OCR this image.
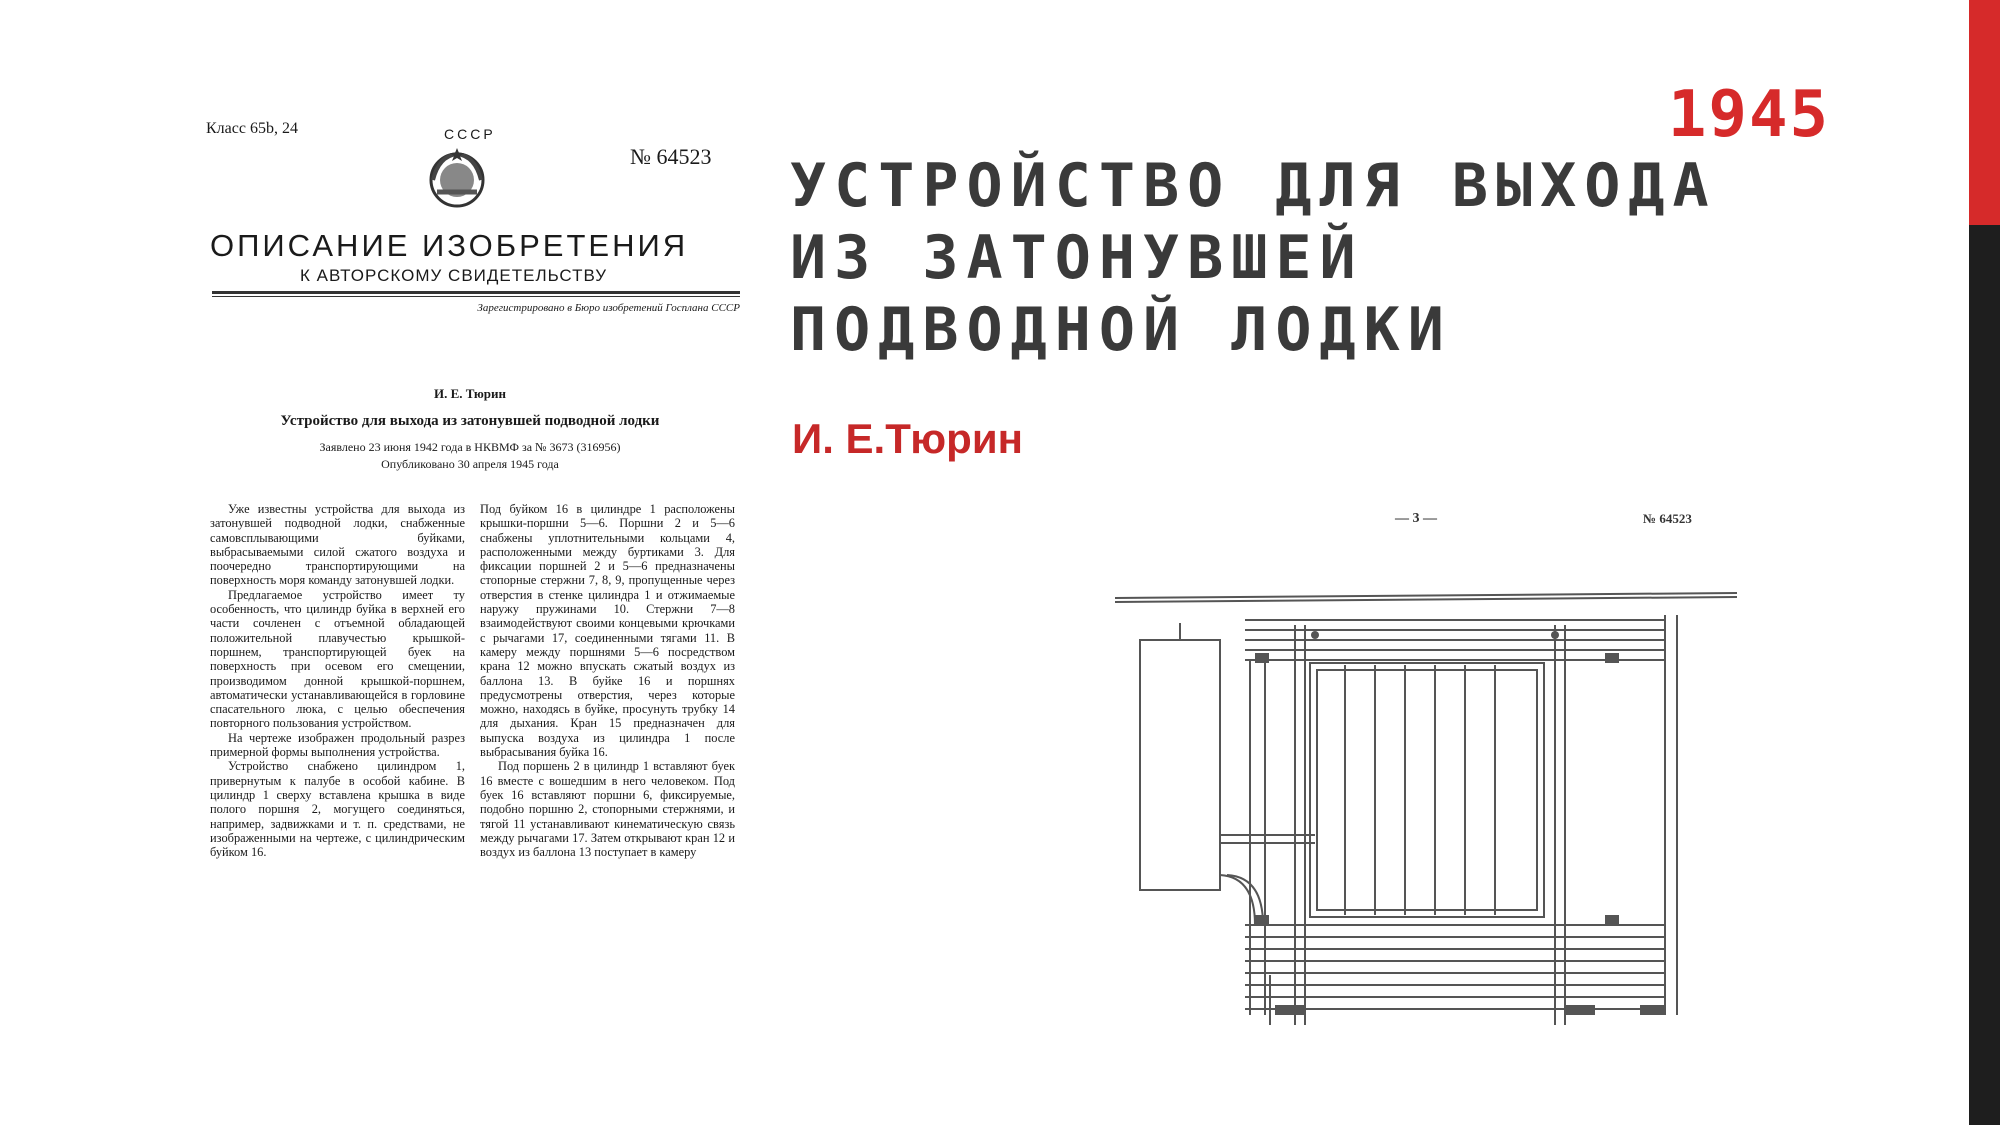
1945
УСТРОЙСТВО ДЛЯ ВЫХОДА ИЗ ЗАТОНУВШЕЙ ПОДВОДНОЙ ЛОДКИ
И. Е.Тюрин
Класс 65b, 24	СССР
№ 64523
ОПИСАНИЕ ИЗОБРЕТЕНИЯ
К АВТОРСКОМУ СВИДЕТЕЛЬСТВУ
Зарегистрировано в Бюро изобретений Госплана СССР
И. Е. Тюрин
Устройство для выхода из затонувшей подводной лодки
Заявлено 23 июня 1942 года в НКВМФ за № 3673 (316956)
Опубликовано 30 апреля 1945 года

Уже известны устройства для выхода из затонувшей подводной лодки, снабженные самовсплывающими буйками, выбрасываемыми силой сжатого воздуха и поочередно транспортирующими на поверхность моря команду затонувшей лодки.

Предлагаемое устройство имеет ту особенность, что цилиндр буйка в верхней его части сочленен с отъемной обладающей положительной плавучестью крышкой-поршнем, транспортирующей буек на поверхность при осевом его смещении, производимом донной крышкой-поршнем, автоматически устанавливающейся в горловине спасательного люка, с целью обеспечения повторного пользования устройством.

На чертеже изображен продольный разрез примерной формы выполнения устройства.

Устройство снабжено цилиндром 1, привернутым к палубе в особой кабине. В цилиндр 1 сверху вставлена крышка в виде полого поршня 2, могущего соединяться, например, задвижками и т. п. средствами, не изображенными на чертеже, с цилиндрическим буйком 16.

Под буйком 16 в цилиндре 1 расположены крышки-поршни 5—6. Поршни 2 и 5—6 снабжены уплотнительными кольцами 4, расположенными между буртиками 3. Для фиксации поршней 2 и 5—6 предназначены стопорные стержни 7, 8, 9, пропущенные через отверстия в стенке цилиндра 1 и отжимаемые наружу пружинами 10. Стержни 7—8 взаимодействуют своими концевыми крючками с рычагами 17, соединенными тягами 11. В камеру между поршнями 5—6 посредством крана 12 можно впускать сжатый воздух из баллона 13. В буйке 16 и поршнях предусмотрены отверстия, через которые можно, находясь в буйке, просунуть трубку 14 для дыхания. Кран 15 предназначен для выпуска воздуха из цилиндра 1 после выбрасывания буйка 16.

Под поршень 2 в цилиндр 1 вставляют буек 16 вместе с вошедшим в него человеком. Под буек 16 вставляют поршни 6, фиксируемые, подобно поршню 2, стопорными стержнями, и тягой 11 устанавливают кинематическую связь между рычагами 17. Затем открывают кран 12 и воздух из баллона 13 поступает в камеру

— 3 —	№ 64523
